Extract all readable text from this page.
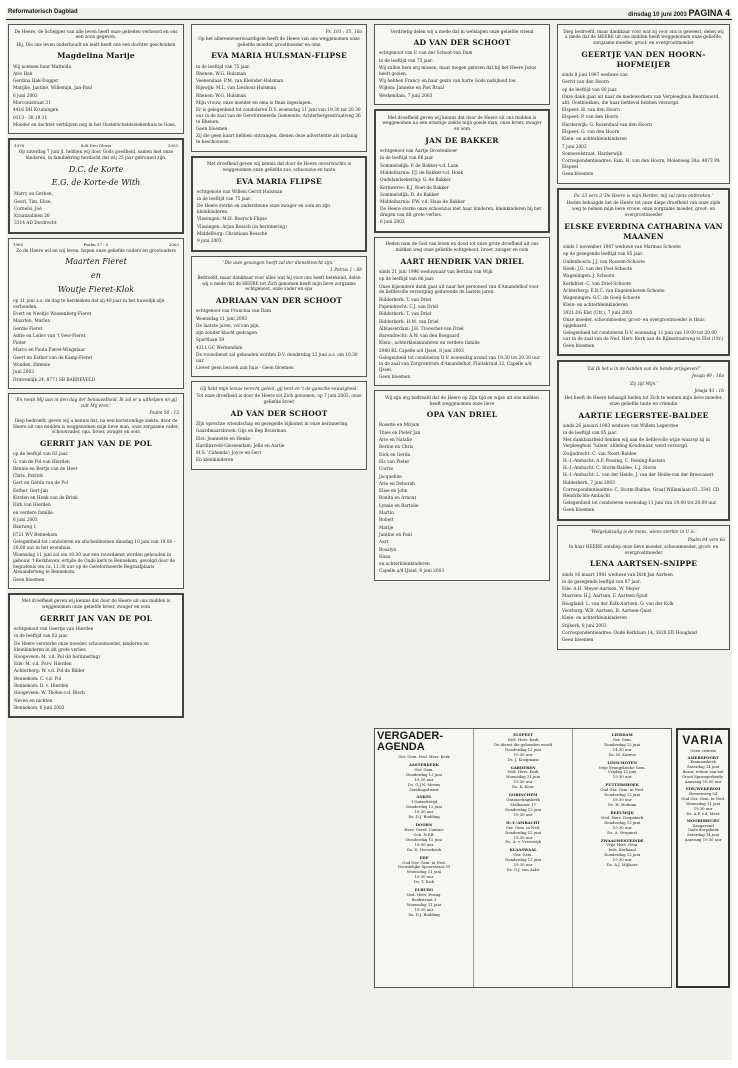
Reformatorisch Dagblad	dinsdag 10 juni 2003 PAGINA 4

De Heere, de Schepper van alle leven heeft onze gebeden verhoord en ons een zoon gegeven.

Hij, Die ons leven onderhoudt en leidt heeft ons een dochter geschonken

Magdelina Marije

Wij noemen haar Mattelda

Arie Hak

Gerdina Hak-Dogger

Marijke, Jantine, Willemijn, Jan-Paul

6 juni 2003

Marconistraat 31

4416 DH Kruiningen

0113 - 38 19 11

Moeder en dochter verblijven nog in het Oosterscheldeziekenhuis te Goes.

1978	Soli Deo Gloria	2003

Op zaterdag 7 juni jl. hebben wij door Gods goedheid, samen met onze kinderen, in familiekring herdacht dat wij 25 jaar getrouwd zijn.

D.C. de Korte

E.G. de Korte-de With

Marry en Gerben,

Geerl, Tim, Elise,

Cornelis, Joë

Kraanzalinen 26

3314 AD Dordrecht

1963	Psalm 37 : 5	2003

Zo de Heere wil en wij leven, hopen onze geliefde ouders en grootouders

Maarten Fieret

en

Woutje Fieret-Klok

op 11 juni a.s. de dag te herdenken dat zij 40 jaar in het huwelijk zijn verbonden.

Evert en Neeltje Wassenberg-Fieret

Maarten, Marlon

Gerdie Fieret

Adrie en Lodev van 't Veer-Fieret

Pieter

Marco en Paula Fieret-Wingelaar

Geert en Esther van de Kamp-Fieret

Wouden, Dimmie

Juni 2003

Druivenlijk 24, 8771 SB BARNEVELD

'En roept Mij aan in den dag der benauwdheid, Ik zal er u uithelpen en gij zult Mij eren.'

Psalm 50 : 15

Diep bedroefd, geven wij u kennis dat, na een kortstondige ziekte, door de Heere uit ons midden is weggenomen mijn lieve man, onze zorgzame vader, schoonvader, opa, broer, zwager en oom

GERRIT JAN VAN DE POL

op de leeftijd van 82 jaar.

G. van de Pol-van Hierden

Bennie en Bertje van de Heer

Chris, Patrick

Gert en Gerda van de Pol

Esther, Gert-Jan

Kirsten en Henk van de Brink

Dirk van Hierden

en verdere familie.

6 juni 2003

Bantweg 1

6721 WV Bennekom

Gelegenheid tot condoleren en afscheidnemen dinsdag 10 juni van 19.00 - 20.00 uur in het woonhuis.

Woensdag 11 juni zal om 10.30 uur een rouwdienst worden gehouden in gebouw 't Kerkhoven, ertijde de Oude kerk te Bennekom, gevolgd door de begrafenis om ca. 11.30 uur op de Gereformeerde Begraafplaats Alexanderweg te Bennekom.

Geen bloemen

Met droefheid geven wij kennis dat door de Heere uit ons midden is weggenomen onze geliefde broer, zwager en oom

GERRIT JAN VAN DE POL

echtgenoot van Geertje van Hierden

in de leeftijd van 82 jaar.

De Heere versterke onze moeder, schoonmoeder, kinderen en kleinkinderen in dit grote verlies.

Hoogeveen: M. v.d. Pol (in herinnering)

Ede: M. v.d. Pol-v. Hierden

Achterberg: W. v.d. Pol-de Bilder

Bennekom: C. v.d. Pol

Bennekom: D. v. Hierden

Hoogeveen: W. Tholen-v.d. Bisch

Neven en nichten

Bennekom, 6 juni 2003

Ps. 101 : 15, 16a

Op het allereenvoerwaardigste heeft de Heere van ons weggenomen onze geliefde moeder, grootmoeder en oma

EVA MARIA HULSMAN-FLIPSE

in de leeftijd van 75 jaar.

Rhenen: W.G. Hulsman

Veenendaal: P.M. van Kleinder-Hulsman

Rijswijk: M.L. van Lieshout-Hulsman

Rhenen: W.G. Hulsman

Mijn vrouw, onze moeder en oma is thuis ingeslapen.

Er is gelegenheid tot condoleren D.V. woensdag 11 juni van 19.30 tot 20.30 uur in de zaal van de Gereformeerde Gemeente, Achterbergsestraatweg 36 te Rhenen.

Geen bloemen

Zij die geen kaart hebben ontvangen, dienen deze advertentie als zodanig te beschouwen.

Met droefheid geven wij kennis dat door de Heere onverwachts is weggenomen onze geliefde zus, schoonzus en tante

EVA MARIA FLIPSE

echtgenote van Willem Gerrit Hulsman

in de leeftijd van 75 jaar.

De Heere sterke en ondersteune onze zwager en oom en zijn kleinkinderen.

Vlissingen: M.H. Boersch-Flipse

Vlissingen: Arjan Bossch (in herinnering)

Middelburg: Christiaan Bossche

9 juni 2003

'Die uwe gevangen heeft zal der dienstknecht zijn.'

1 Petrus 1 : 8b

Bedroefd, maar dankbaar voor alles wat hij voor ons heeft betekend, delen wij u mede dat de HEERE tot Zich genomen heeft mijn lieve zorgzame echtgenoot, onze vader en opa

ADRIAAN VAN DER SCHOOT

echtgenoot van Francina van Dam

Woensdag 11 juni 2003

De laatste jaren, vol van pijn,

zijn zonder klacht gedragen.

Sportlaan 39

4311 GC Werkendam

De rouwdienst zal gehouden worden D.V. donderdag 12 juni a.s. om 10.30 uur.

Liever geen bezoek aan huis - Geen bloemen

Gij hebt mijn leeuw terecht geleid, gij tord en 't de gansche eeuwigheid.

Tot onze droefheid is door de Heere tot Zich genomen, op 7 juni 2003, onze geliefde broer

AD VAN DER SCHOOT

Zijn oprechte vriendschap en geregelde bijkomst in onze herinnering.

Gaardmaarsbroek: Gijs en Bep Bouwman

Elst: Jeannette en Henko

Hardinxveld-Giessendam: Jelle en Aartie

M.S. 'Cahenda': Joyce en Gert

En kleinkinderen

Verdrietig delen wij u mede dat in welslapen onze geliefde vriend

AD VAN DER SCHOOT

echtgenoot van F. van der Schoot-van Dam

in de leeftijd van 75 jaar.

Wij zullen hem erg missen, maar mogen geloven dat hij het Heere Jezus heeft gezien.

Wij hebben Francy en haar gezin van harte Gods nabijheid toe.

Wijlem: Janneke en Piet Braal

Werkendam, 7 juni 2003

Met droefheid geven wij kennis dat door de Heere uit ons midden is weggenomen na een ernstige ziekte mijn goede man, onze broer, zwager en oom

JAN DE BAKKER

echtgenoot van Aartje Grootenboer

in de leeftijd van 66 jaar

Sommelsdijk: P. de Bakker-v.d. Laan

Middelharnis: P.J. de Bakker-v.d. Hoek

Oudelandsekering: G. de Bakker

Kerkwerve: K.J. Boet-de Bakker

Sommelsdijk: D. de Bakker

Middelharnis: P.W. v.d. Haas-de Bakker

De Heere sterke onze schoonzus met haar kinderen, kleinkinderen bij het dragen van dit grote verlies.

6 juni 2003

Heden nam de God van leven en dood tot onze grote droefheid uit ons midden weg onze geliefde echtgenoot, broer, zwager en oom

AART HENDRIK VAN DRIEL

sinds 21 juni 1996 weduwnaar van Bertina van Wijk

op de leeftijd van 86 jaar.

Onze bijzondere dank gaat uit naar het personeel van d'Amandelhof voor de liefdevolle verzorging gedurende de laatste jaren.

Ridderkerk: T. van Driel

Papendrecht: C.J. van Driel

Ridderkerk: T. van Driel

Ridderkerk: H.M. van Driel

Alblasserdam: J.H. Troeschet-van Driel

Barendrecht: A.W. van den Bosgaard

Klein-, achterkleinkinderen en verdere familie

2980 RL Capelle a/d IJssel, 8 juni 2003

Gelegenheid tot condoleren D.V. woensdag avond van 19.30 tot 20.30 uur in de zaal van Zorgcentrum d'Amandelhof, Fluitekruid 32, Capelle a/d IJssel.

Geen bloemen

Wij zijn erg bedroefd dat de Heere op Zijn tijd en wijze uit ons midden heeft weggenomen onze lieve

OPA VAN DRIEL

Rosette en Mirjam

Thies en Pieter Jan

Arie en Natalie

Bernie en Chris

Dick en Gerda

Els van Pieter

Corrie

Jacqueline

Arie en Deborah

Elise en John

Bonita en Arnout

Lynsie en Bartolie

Martin

Robert

Marije

Jantine en Paul

Aart

Rosalyn

Hans

en achterkleinkinderen

Capelle a/d IJssel, 8 juni 2003

Diep bedroefd, maar dankbaar voor wat zij voor ons is geweest, delen wij u mede dat de HEERE uit ons midden heeft weggenomen onze geliefde, zorgzame moeder, groot- en overgrootmoeder

GEERTJE VAN DEN HOORN-HOFMEIJER

sinds 8 juni 1997 weduwe van

Gerrit van den Hoorn

op de leeftijd van 80 jaar.

Onze dank gaat uit naar de medewerkers van Verpleeghuis Beatrixoord, afd. Oostblokken, die haar liefdevol hebben verzorgd.

Elspeet: H. van den Hoorn

Elspeet: P. van den Hoorn

Harderwijk: G. Rozendaal-van den Hoorn

Elspeet: G. van den Hoorn

Klein- en achterkleinkinderen

7 juni 2003

Sonnevelstraat, Harderwijk

Correspondentieadres: Fam. H. van den Hoorn, Molenweg 38a, 4073 PA Elspeet

Geen bloemen

Ps. 23 vers 3 'De Heere is mijn Herder, mij zal niets ontbreken.'

Heden behaagde het de Heere tot onze diepe droefheid van onze zijde weg te nemen mijn lieve vrouw, onze zorgzame moeder, groot- en overgrootmoeder

ELSKE EVERDINA CATHARINA VAN MAANEN

sinds 1 november 1987 weduwe van Marinus Schoote

op de gezegende leeftijd van 85 jaar.

Oudenbosch: J.J. van Rossem-Schoote

Hoek: J.G. van der Poel-Schoote

Wageningen: J. Schoote

Kerkdriel: C. van Driel-Schoote

Achterberg: E.R.C. van Engelenhoven-Schoote

Wageningen: G.C. de Goeij-Schoote

Klein- en achterkleinkinderen

3921 DG Elst (Utr.), 7 juni 2003

Onze moeder, schoonmoeder, groot- en overgrootmoeder is thuis opgebaard.

Gelegenheid tot condoleren D.V. woensdag 11 juni van 19.00 tot 20.00 uur in de zaal van de Ned. Herv. Kerk aan de Rijksstraatweg te Elst (Utr.)

Geen bloemen

'Zal Ik het u in de handen van de bende prijsgeven?'

Jesaja 49 : 16a

'Zij zijt Mijn.'

Jesaja 43 : 1b

Het heeft de Heere behaagd heden tot Zich te nemen mijn lieve moeder, onze geliefde tante en vriendin

AARTIE LEGERSTEE-BALDEE

sinds 26 januari 1983 weduwe van Willem Legerstee

in de leeftijd van 85 jaar.

Met dankbaarheid denken wij aan de liefdevolle wijze waarop zij in Verpleeghuis 'Salem' afdeling Koudenaar, werd verzorgd.

Zwijndrecht: C. van Noort-Baldee

H.-I.-Ambacht: A.P. Pessing, C. Pessing-Kasters

H.-I.-Ambacht: C. Storm-Baldee, L.J. Storm

H.-I.-Ambacht: L. van der Heide, J. van der Heide-van der Broecasert

Ridderkerk, 7 juni 2003

Correspondentieadres: C. Storm-Baldee, Graaf Willemlaan 63, 3341 CD Hendrik-Ido-Ambacht

Gelegenheid tot condoleren woensdag 11 juni van 19.00 tot 20.00 uur.

Geen bloemen

'Welgelukzalig is de mens, wiens sterkte in U is.'

Psalm 84 vers 6a

In haar HEERE ontsliep onze lieve moeder, schoonmoeder, groot- en overgrootmoeder

LENA AARTSEN-SNIPPE

sinds 16 maart 1981 weduwe van Dirk Jan Aartsen

in de gezegende leeftijd van 87 jaar.

Ede: A.H. Meyer-Aartsen, W. Meyer

Maarsen: H.J. Aartsen, F. Aartsen-Spuit

Hoogland: L. van der Kolk-Aartsen, G. van der Kolk

Voorburg: W.B. Aartsen, B. Aartsen-Quist

Klein- en achterkleinkinderen

Stijkerk, 8 juni 2003

Correspondentieadres: Oude Kerklaan 14, 3828 ED Hoogland

Geen bloemen

VERGADER-AGENDA
Ger. Gem. Ned. Herv. Kerk
AASTERKERK
Ger. Gem.
Donderdag 12 juni
19.30 uur
Ds. G.J.N. Moens
Zendingsdienst
ANKEL
't Ontzettetijd
Donderdag 12 juni
19.30 uur
Ds. D.J. Budding
DOORN
Herv. Geref. Contact
Geb. N.P.B.
Donderdag 12 juni
19.00 uur
Ds. D. Hoesebeek
EDE
Oud Ger. Gem. in Ned.
Noordelijke Spoorstraat 59
Woensdag 11 juni
19.30 uur
Ds. T. Kick
ELBURG
Ned. Herv. Evang.
Beekstraat 3
Woensdag 11 juni
19.30 uur
Ds. D.J. Budding
ELSPEET
Ned. Herv. Kerk
De dienst die gehouden wordt
Donderdag 12 juni
19.30 uur
Ds. J. Kooijmans
GARDEREN
Ned. Herv. Kerk
Woensdag 11 juni
19.30 uur
Ds. K. Keur
GORINCHEM
Ontmoetingskerk
Stalkamer 17
Donderdag 12 juni
19.30 uur
H.-I.-AMBACHT
Ger. Gem. in Ned.
Donderdag 12 juni
19.30 uur
Ds. A. v. Vreeswijk
KLAASWAAL
Ger. Gem.
Donderdag 12 juni
19.30 uur
Ds. G.J. van Aalst
LIERDAM
Ger. Gem.
Donderdag 12 juni
14.30 uur
Ds. M. Karens
LINSCHOTEN
Vrije Evangelische Gem.
Vrijdag 13 juni
19.30 uur
PUTTERSHOEK
Oud Ger. Gem. in Ned.
Donderdag 12 juni
19.30 uur
Ds. H. Hofman
REEUWIJK
Ned. Herv. Dorpskerk
Donderdag 12 juni
19.30 uur
Ds. A. Vergunst
ZWAAGWESTEINDE
Vrije Herv. Gem.
Ieds. Kerkzaal
Donderdag 12 juni
19.30 uur
Ds. A.J. Mijlaars
VARIA
Geen criteria
AMERSFOORT
Emmauskerk
Zaterdag 14 juni
Bazar, reünie van het Groot Sprangerbeide.
Aanvang 10.00 uur
EDE/WEKEROM
Hessenweg 54
Oud Ger. Gem. in Ned.
Woensdag 11 juni
19.30 uur
Ds. A.P. v.d. Meer
MOORDRECHT
Zangavond
Oude dorpskerk
Zaterdag 14 juni
Aanvang 19.30 uur
